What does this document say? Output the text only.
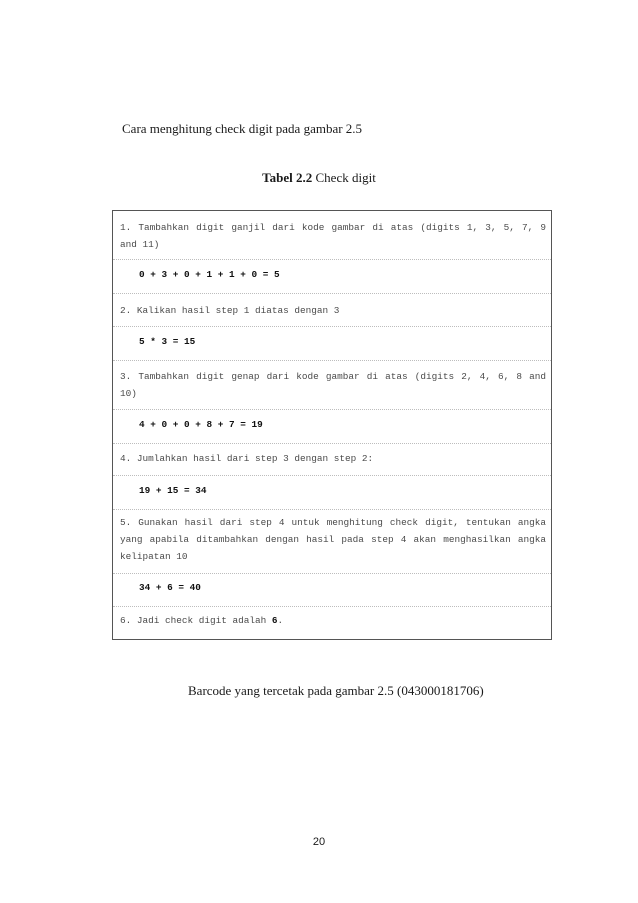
Cara menghitung check digit pada gambar 2.5
Tabel 2.2 Check digit
1. Tambahkan digit ganjil dari kode gambar di atas (digits 1, 3, 5, 7, 9 and 11)
0 + 3 + 0 + 1 + 1 + 0 = 5
2. Kalikan hasil step 1 diatas dengan 3
5 * 3 = 15
3. Tambahkan digit genap dari kode gambar di atas (digits 2, 4, 6, 8 and 10)
4 + 0 + 0 + 8 + 7 = 19
4. Jumlahkan hasil dari step 3 dengan step 2:
19 + 15 = 34
5. Gunakan hasil dari step 4 untuk menghitung check digit, tentukan angka yang apabila ditambahkan dengan hasil pada step 4 akan menghasilkan angka kelipatan 10
34 + 6 = 40
6. Jadi check digit adalah 6.
Barcode yang tercetak pada gambar 2.5 (043000181706)
20
